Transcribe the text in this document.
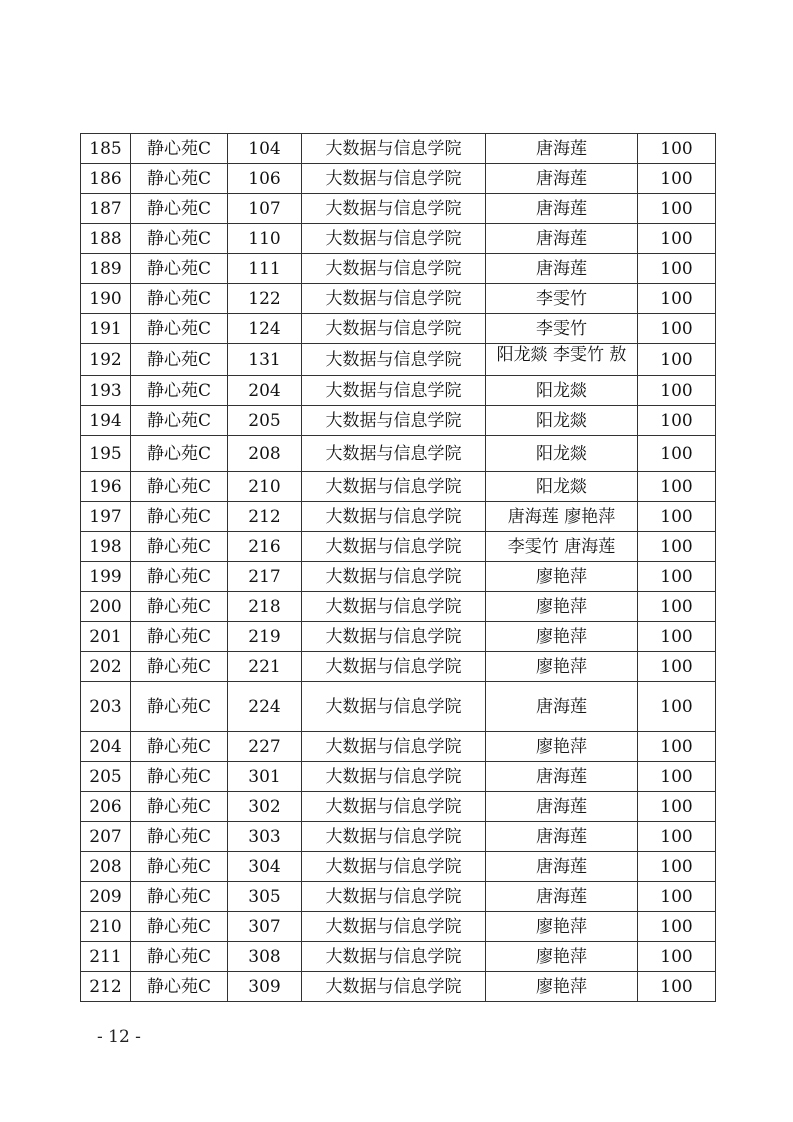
185	静心苑C	104	大数据与信息学院	唐海莲	100
186	静心苑C	106	大数据与信息学院	唐海莲	100
187	静心苑C	107	大数据与信息学院	唐海莲	100
188	静心苑C	110	大数据与信息学院	唐海莲	100
189	静心苑C	111	大数据与信息学院	唐海莲	100
190	静心苑C	122	大数据与信息学院	李雯竹	100
191	静心苑C	124	大数据与信息学院	李雯竹	100
192	静心苑C	131	大数据与信息学院	阳龙燚 李雯竹 敖	100
193	静心苑C	204	大数据与信息学院	阳龙燚	100
194	静心苑C	205	大数据与信息学院	阳龙燚	100
195	静心苑C	208	大数据与信息学院	阳龙燚	100
196	静心苑C	210	大数据与信息学院	阳龙燚	100
197	静心苑C	212	大数据与信息学院	唐海莲 廖艳萍	100
198	静心苑C	216	大数据与信息学院	李雯竹 唐海莲	100
199	静心苑C	217	大数据与信息学院	廖艳萍	100
200	静心苑C	218	大数据与信息学院	廖艳萍	100
201	静心苑C	219	大数据与信息学院	廖艳萍	100
202	静心苑C	221	大数据与信息学院	廖艳萍	100
203	静心苑C	224	大数据与信息学院	唐海莲	100
204	静心苑C	227	大数据与信息学院	廖艳萍	100
205	静心苑C	301	大数据与信息学院	唐海莲	100
206	静心苑C	302	大数据与信息学院	唐海莲	100
207	静心苑C	303	大数据与信息学院	唐海莲	100
208	静心苑C	304	大数据与信息学院	唐海莲	100
209	静心苑C	305	大数据与信息学院	唐海莲	100
210	静心苑C	307	大数据与信息学院	廖艳萍	100
211	静心苑C	308	大数据与信息学院	廖艳萍	100
212	静心苑C	309	大数据与信息学院	廖艳萍	100
- 12 -
